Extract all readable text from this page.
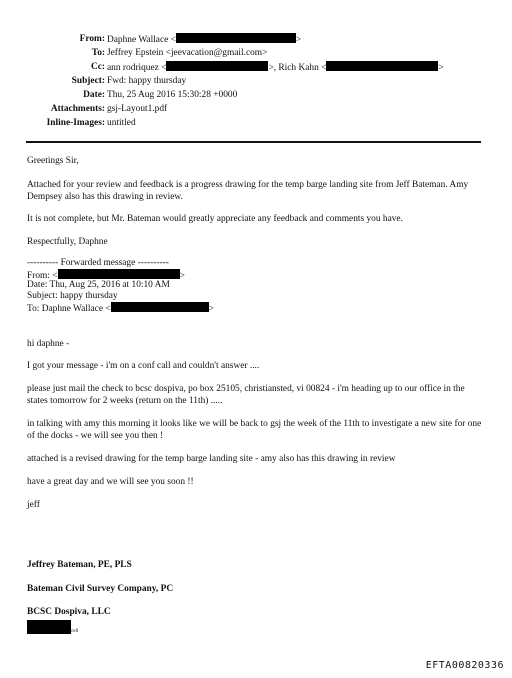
From: Daphne Wallace <	>
To: Jeffrey Epstein <jeevacation@gmail.com>
Cc: ann rodriquez <	>, Rich Kahn <	>
Subject: Fwd: happy thursday
Date: Thu, 25 Aug 2016 15:30:28 +0000
Attachments: gsj-Layout1.pdf
Inline-Images: untitled
Greetings Sir,
Attached for your review and feedback is a progress drawing for the temp barge landing site from Jeff Bateman. Amy Dempsey also has this drawing in review.
It is not complete, but Mr. Bateman would greatly appreciate any feedback and comments you have.
Respectfully, Daphne
---------- Forwarded message ----------
From: <	>
Date: Thu, Aug 25, 2016 at 10:10 AM
Subject: happy thursday
To: Daphne Wallace <	>
hi daphne -
I got your message - i'm on a conf call and couldn't answer ....
please just mail the check to bcsc dospiva, po box 25105, christiansted, vi 00824 - i'm heading up to our office in the states tomorrow for 2 weeks (return on the 11th) .....
in talking with amy this morning it looks like we will be back to gsj the week of the 11th to investigate a new site for one of the docks - we will see you then !
attached is a revised drawing for the temp barge landing site - amy also has this drawing in review
have a great day and we will see you soon !!
jeff
Jeffrey Bateman, PE, PLS
Bateman Civil Survey Company, PC
BCSC Dospiva, LLC
cell
EFTA00820336
